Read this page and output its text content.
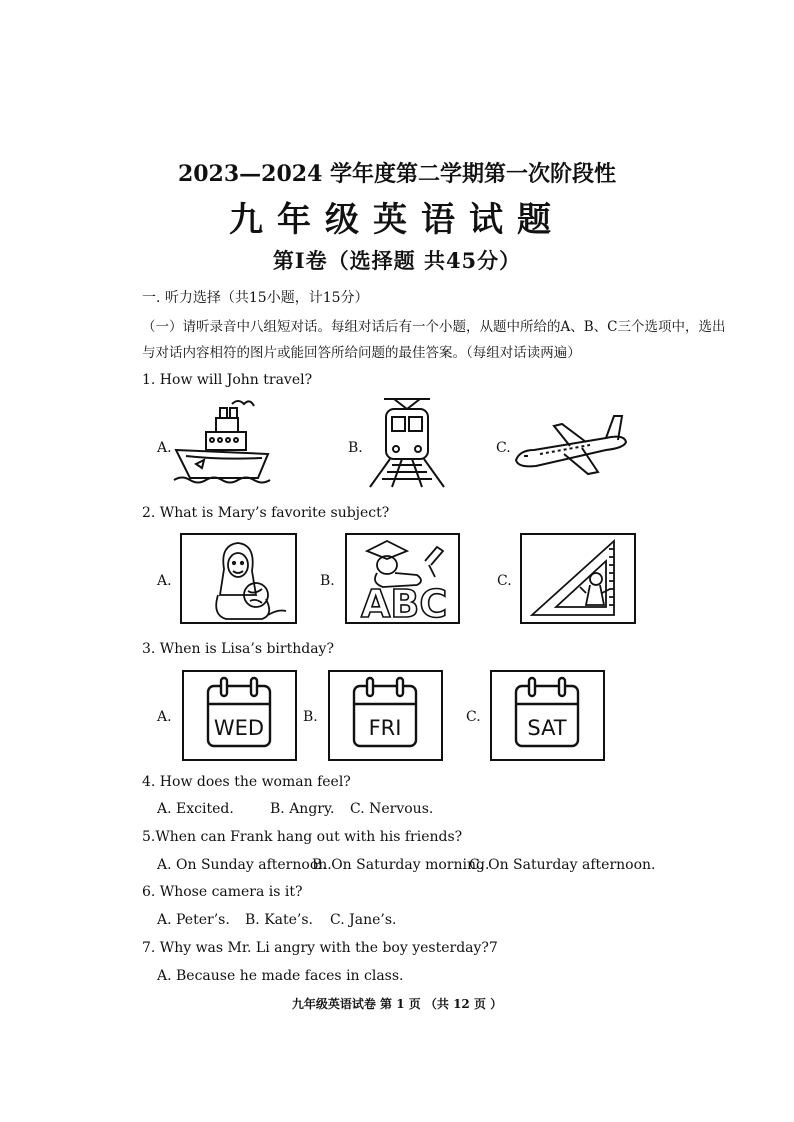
2023—2024 学年度第二学期第一次阶段性
九年级英语试题
第Ⅰ卷（选择题 共45分）
一. 听力选择（共15小题，计15分）
（一）请听录音中八组短对话。每组对话后有一个小题，从题中所给的A、B、C三个选项中，选出
与对话内容相符的图片或能回答所给问题的最佳答案。（每组对话读两遍）
1. How will John travel?
A.	B.	C.
2. What is Mary’s favorite subject?
A.	B.	C.
ABC
3. When is Lisa’s birthday?
A.	B.	C.
WED	FRI	SAT
4. How does the woman feel?
A. Excited.	B. Angry. C. Nervous.
5.When can Frank hang out with his friends?
A. On Sunday afternoon.
B. On Saturday morning.
C. On Saturday afternoon.
6. Whose camera is it?
A. Peter’s. B. Kate’s. C. Jane’s.
7. Why was Mr. Li angry with the boy yesterday?7
A. Because he made faces in class.
九年级英语试卷 第 1 页 （共 12 页 ）
